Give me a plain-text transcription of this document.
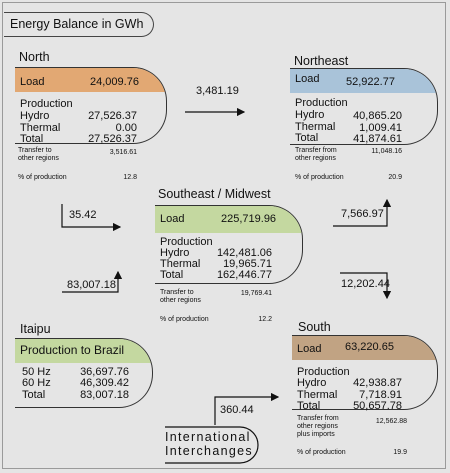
Energy Balance in GWh
North
Load	24,009.76
Production
Hydro	27,526.37
Thermal	0.00
Total	27,526.37
Transfer to
other regions
3,516.61
% of production	12.8
Northeast
Load 52,922.77
Production
Hydro	40,865.20
Thermal	1,009.41
Total	41,874.61
Transfer from
other regions
11,048.16
% of production	20.9
Southeast / Midwest
Load	225,719.96
Production
Hydro	142,481.06
Thermal	19,965.71
Total	162,446.77
Transfer to
other regions
19,769.41
% of production	12.2
Itaipu
Production to Brazil
50 Hz	36,697.76
60 Hz	46,309.42
Total	83,007.18
South
Load 63,220.65
Production
Hydro	42,938.87
Thermal	7,718.91
Total	50,657.78
Transfer from
other regions
plus imports
12,562.88
% of production	19.9
3,481.19
35.42
83,007.18
7,566.97
12,202.44
360.44
International
Interchanges
